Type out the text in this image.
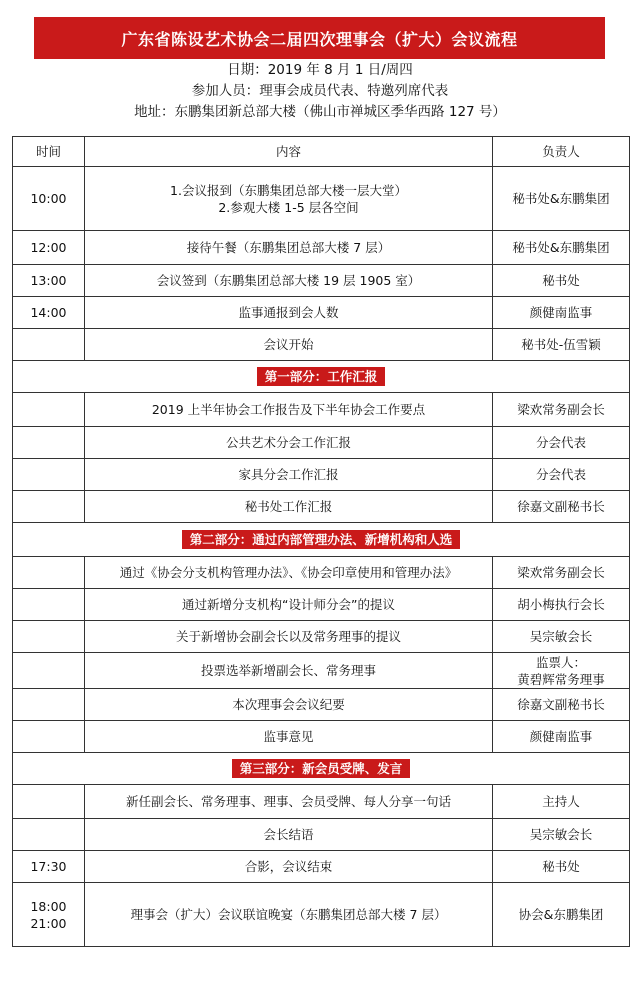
广东省陈设艺术协会二届四次理事会（扩大）会议流程
日期：2019 年 8 月 1 日/周四
参加人员：理事会成员代表、特邀列席代表
地址：东鹏集团新总部大楼（佛山市禅城区季华西路 127 号）
时间	内容	负责人
10:00	1.会议报到（东鹏集团总部大楼一层大堂）
2.参观大楼 1-5 层各空间	秘书处&东鹏集团

12:00	接待午餐（东鹏集团总部大楼 7 层）	秘书处&东鹏集团

13:00	会议签到（东鹏集团总部大楼 19 层 1905 室）	秘书处

14:00	监事通报到会人数	颜健南监事

	会议开始	秘书处-伍雪颖

第一部分：工作汇报		

	2019 上半年协会工作报告及下半年协会工作要点	梁欢常务副会长

	公共艺术分会工作汇报	分会代表

	家具分会工作汇报	分会代表

	秘书处工作汇报	徐嘉文副秘书长

第二部分：通过内部管理办法、新增机构和人选		

	通过《协会分支机构管理办法》、《协会印章使用和管理办法》	梁欢常务副会长

	通过新增分支机构“设计师分会”的提议	胡小梅执行会长

	关于新增协会副会长以及常务理事的提议	吴宗敏会长

	投票选举新增副会长、常务理事	监票人：
黄碧辉常务理事

	本次理事会会议纪要	徐嘉文副秘书长

	监事意见	颜健南监事

第三部分：新会员受牌、发言		

	新任副会长、常务理事、理事、会员受牌、每人分享一句话	主持人

	会长结语	吴宗敏会长

17:30	合影，会议结束	秘书处

18:00
21:00	理事会（扩大）会议联谊晚宴（东鹏集团总部大楼 7 层）	协会&东鹏集团
